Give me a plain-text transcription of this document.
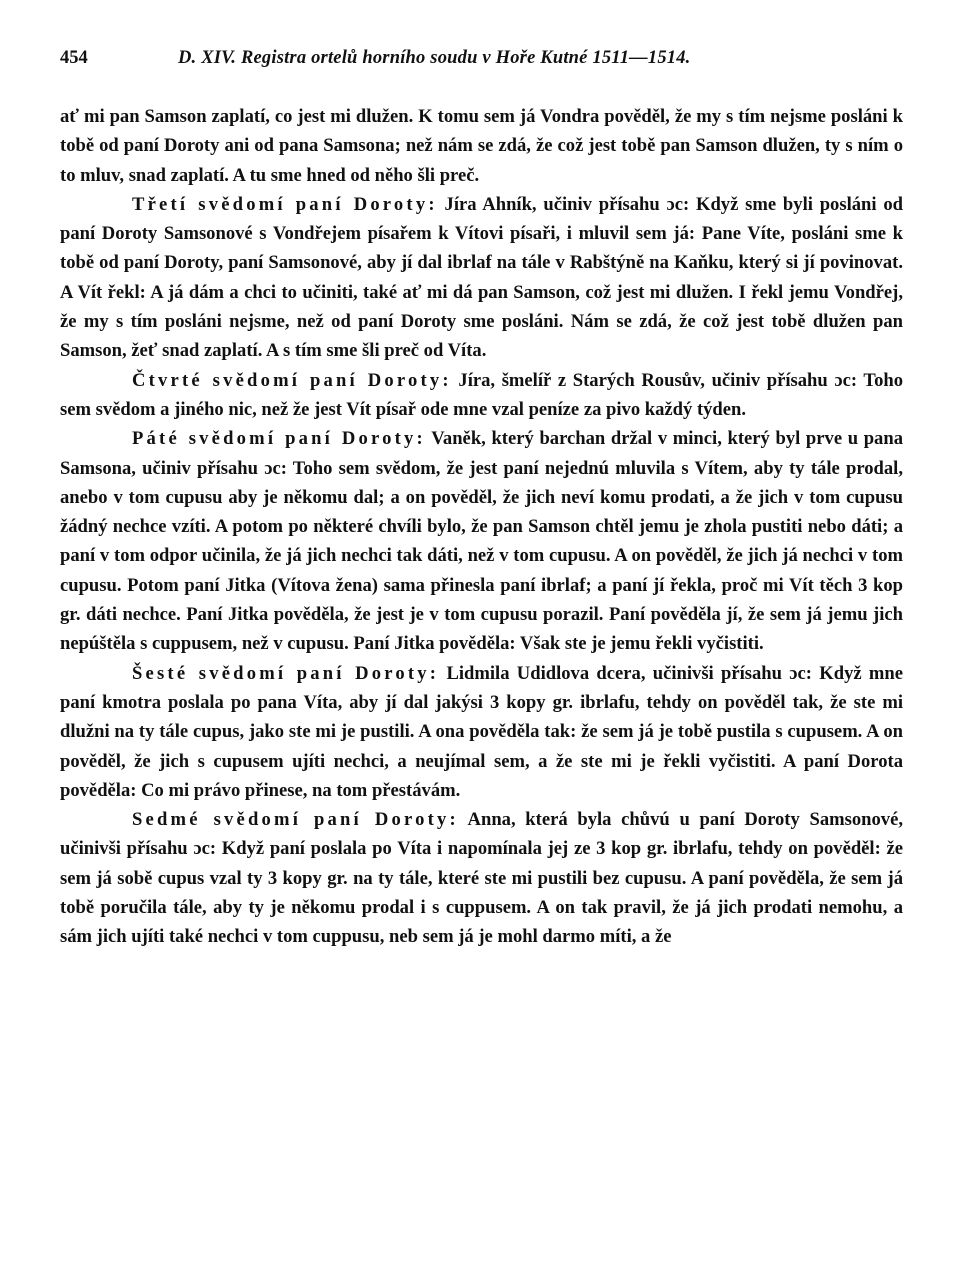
454	D. XIV. Registra ortelů horního soudu v Hoře Kutné 1511—1514.

ať mi pan Samson zaplatí, co jest mi dlužen. K tomu sem já Vondra pověděl, že my s tím nejsme posláni k tobě od paní Doroty ani od pana Samsona; než nám se zdá, že což jest tobě pan Samson dlužen, ty s ním o to mluv, snad zaplatí. A tu sme hned od něho šli preč.

Třetí svědomí paní Doroty: Jíra Ahník, učiniv přísahu ɔc: Když sme byli posláni od paní Doroty Samsonové s Vondřejem písařem k Vítovi písaři, i mluvil sem já: Pane Víte, posláni sme k tobě od paní Doroty, paní Samsonové, aby jí dal ibrlaf na tále v Rabštýně na Kaňku, který si jí povinovat. A Vít řekl: A já dám a chci to učiniti, také ať mi dá pan Samson, což jest mi dlužen. I řekl jemu Vondřej, že my s tím posláni nejsme, než od paní Doroty sme posláni. Nám se zdá, že což jest tobě dlužen pan Samson, žeť snad zaplatí. A s tím sme šli preč od Víta.

Čtvrté svědomí paní Doroty: Jíra, šmelíř z Starých Rousův, učiniv přísahu ɔc: Toho sem svědom a jiného nic, než že jest Vít písař ode mne vzal peníze za pivo každý týden.

Páté svědomí paní Doroty: Vaněk, který barchan držal v minci, který byl prve u pana Samsona, učiniv přísahu ɔc: Toho sem svědom, že jest paní nejednú mluvila s Vítem, aby ty tále prodal, anebo v tom cupusu aby je někomu dal; a on pověděl, že jich neví komu prodati, a že jich v tom cupusu žádný nechce vzíti. A potom po některé chvíli bylo, že pan Samson chtěl jemu je zhola pustiti nebo dáti; a paní v tom odpor učinila, že já jich nechci tak dáti, než v tom cupusu. A on pověděl, že jich já nechci v tom cupusu. Potom paní Jitka (Vítova žena) sama přinesla paní ibrlaf; a paní jí řekla, proč mi Vít těch 3 kop gr. dáti nechce. Paní Jitka pověděla, že jest je v tom cupusu porazil. Paní pověděla jí, že sem já jemu jich nepúštěla s cuppusem, než v cupusu. Paní Jitka pověděla: Však ste je jemu řekli vyčistiti.

Šesté svědomí paní Doroty: Lidmila Udidlova dcera, učinivši přísahu ɔc: Když mne paní kmotra poslala po pana Víta, aby jí dal jakýsi 3 kopy gr. ibrlafu, tehdy on pověděl tak, že ste mi dlužni na ty tále cupus, jako ste mi je pustili. A ona pověděla tak: že sem já je tobě pustila s cupusem. A on pověděl, že jich s cupusem ujíti nechci, a neujímal sem, a že ste mi je řekli vyčistiti. A paní Dorota pověděla: Co mi právo přinese, na tom přestávám.

Sedmé svědomí paní Doroty: Anna, která byla chůvú u paní Doroty Samsonové, učinivši přísahu ɔc: Když paní poslala po Víta i napomínala jej ze 3 kop gr. ibrlafu, tehdy on pověděl: že sem já sobě cupus vzal ty 3 kopy gr. na ty tále, které ste mi pustili bez cupusu. A paní pověděla, že sem já tobě poručila tále, aby ty je někomu prodal i s cuppusem. A on tak pravil, že já jich prodati nemohu, a sám jich ujíti také nechci v tom cuppusu, neb sem já je mohl darmo míti, a že
